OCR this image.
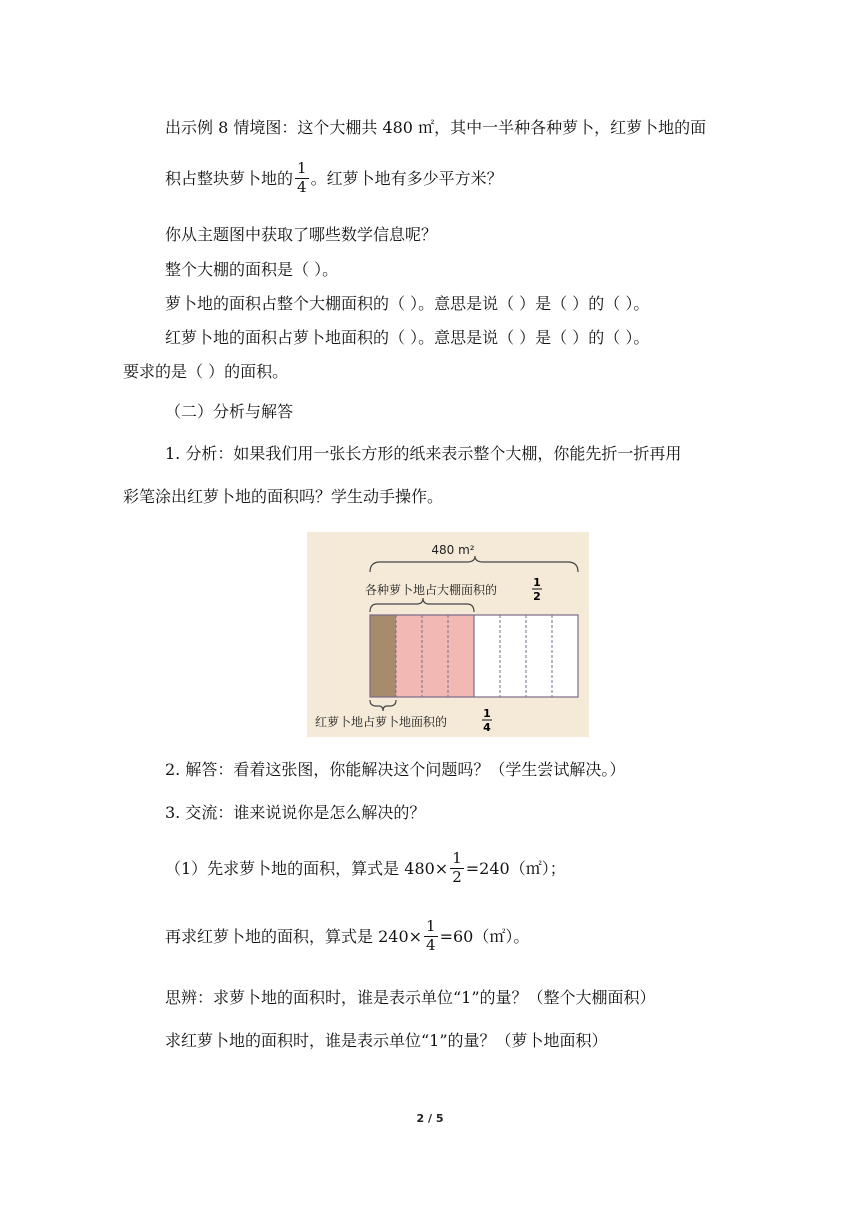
出示例 8 情境图：这个大棚共 480 ㎡，其中一半种各种萝卜，红萝卜地的面
积占整块萝卜地的 $\frac{1}{4}$ 。红萝卜地有多少平方米？
你从主题图中获取了哪些数学信息呢？
整个大棚的面积是（ ）。
萝卜地的面积占整个大棚面积的（ ）。意思是说（ ）是（ ）的（ ）。
红萝卜地的面积占萝卜地面积的（ ）。意思是说（ ）是（ ）的（ ）。
要求的是（ ）的面积。
（二）分析与解答
1. 分析：如果我们用一张长方形的纸来表示整个大棚，你能先折一折再用
彩笔涂出红萝卜地的面积吗？学生动手操作。
480 m²
各种萝卜地占大棚面积的
1
2
红萝卜地占萝卜地面积的
1
4
2. 解答：看着这张图，你能解决这个问题吗？（学生尝试解决。）
3. 交流：谁来说说你是怎么解决的？
（1）先求萝卜地的面积，算式是 $480\times \frac{1}{2}$ =240（㎡）；
再求红萝卜地的面积，算式是 $240\times \frac{1}{4}$ =60（㎡）。
思辨：求萝卜地的面积时，谁是表示单位“1”的量？（整个大棚面积）
求红萝卜地的面积时，谁是表示单位“1”的量？（萝卜地面积）
2 / 5
